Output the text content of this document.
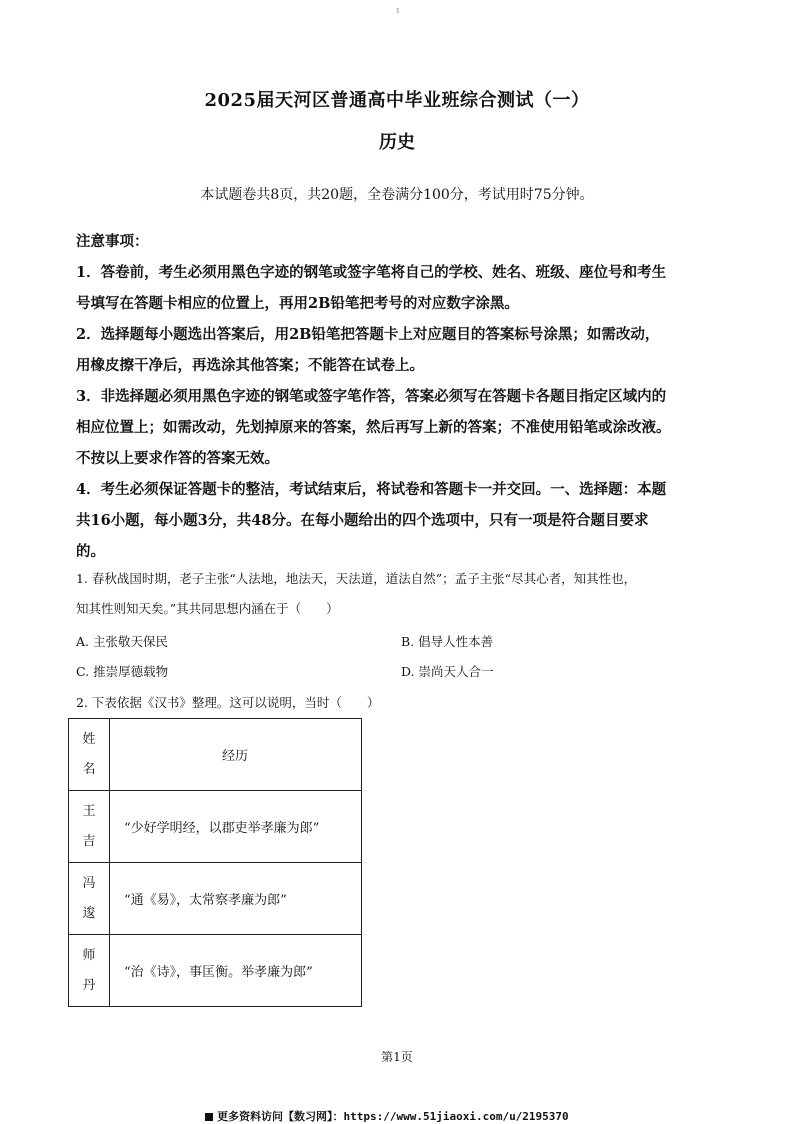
1
2025届天河区普通高中毕业班综合测试（一）
历史
本试题卷共8页，共20题，全卷满分100分，考试用时75分钟。
注意事项：
1．答卷前，考生必须用黑色字迹的钢笔或签字笔将自己的学校、姓名、班级、座位号和考生
号填写在答题卡相应的位置上，再用2B铅笔把考号的对应数字涂黑。
2．选择题每小题选出答案后，用2B铅笔把答题卡上对应题目的答案标号涂黑；如需改动，
用橡皮擦干净后，再选涂其他答案；不能答在试卷上。
3．非选择题必须用黑色字迹的钢笔或签字笔作答，答案必须写在答题卡各题目指定区域内的
相应位置上；如需改动，先划掉原来的答案，然后再写上新的答案；不准使用铅笔或涂改液。
不按以上要求作答的答案无效。
4．考生必须保证答题卡的整洁，考试结束后，将试卷和答题卡一并交回。一、选择题：本题
共16小题，每小题3分，共48分。在每小题给出的四个选项中，只有一项是符合题目要求
的。
1. 春秋战国时期，老子主张“人法地，地法天，天法道，道法自然”；孟子主张“尽其心者，知其性也，
知其性则知天矣。”其共同思想内涵在于（　　）
A. 主张敬天保民	B. 倡导人性本善
C. 推崇厚德载物	D. 崇尚天人合一
2. 下表依据《汉书》整理。这可以说明，当时（　　）
姓
名	经历

王
吉	“少好学明经，以郡吏举孝廉为郎”

冯
逡	“通《易》，太常察孝廉为郎”

师
丹	“治《诗》，事匡衡。举孝廉为郎”
第1页
更多资料访问【数习网】：https://www.51jiaoxi.com/u/2195370
